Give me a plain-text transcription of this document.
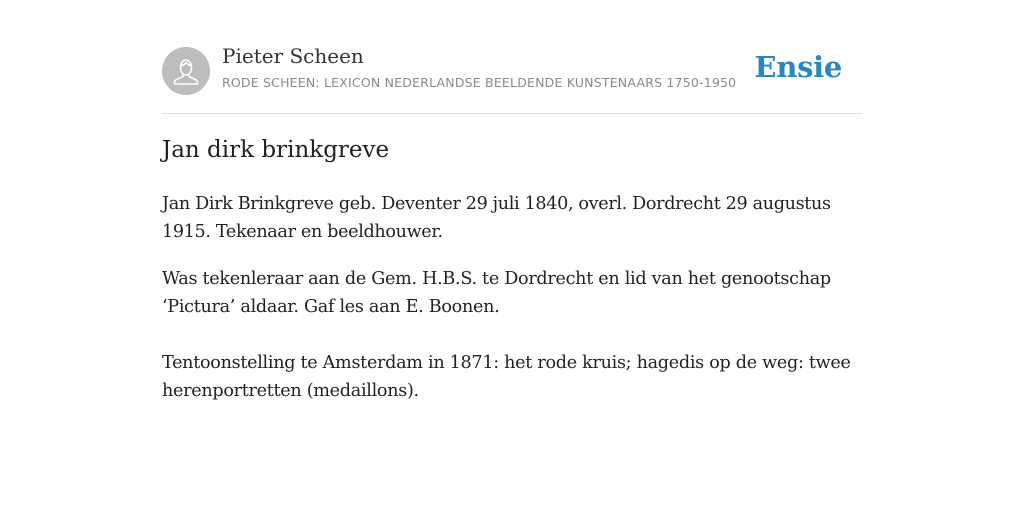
Pieter Scheen
RODE SCHEEN: LEXICON NEDERLANDSE BEELDENDE KUNSTENAARS 1750-1950 Ensie
Jan dirk brinkgreve

Jan Dirk Brinkgreve geb. Deventer 29 juli 1840, overl. Dordrecht 29 augustus 1915. Tekenaar en beeldhouwer.

Was tekenleraar aan de Gem. H.B.S. te Dordrecht en lid van het genootschap ‘Pictura’ aldaar. Gaf les aan E. Boonen.

Tentoonstelling te Amsterdam in 1871: het rode kruis; hagedis op de weg: twee herenportretten (medaillons).
